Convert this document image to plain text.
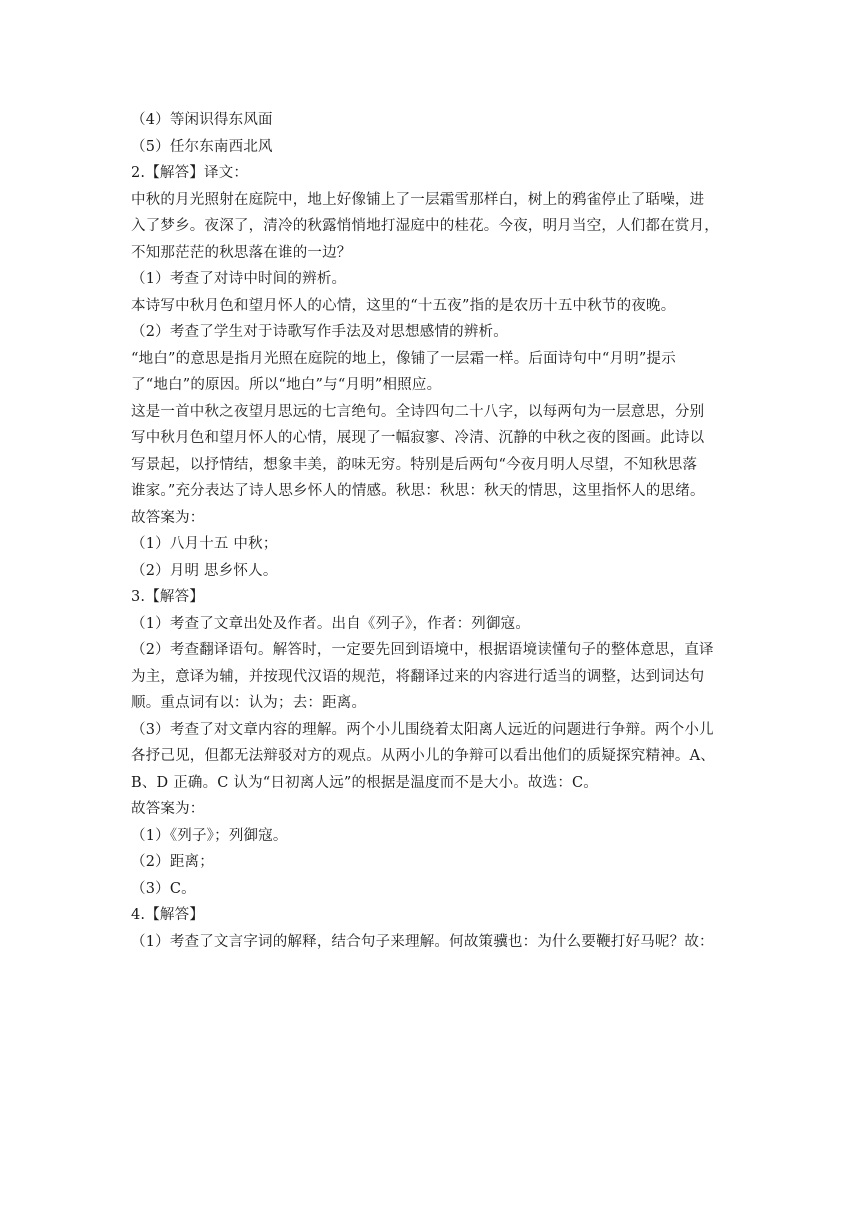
（4）等闲识得东风面
（5）任尔东南西北风
2.【解答】译文：
中秋的月光照射在庭院中，地上好像铺上了一层霜雪那样白，树上的鸦雀停止了聒噪，进
入了梦乡。夜深了，清冷的秋露悄悄地打湿庭中的桂花。今夜，明月当空，人们都在赏月，
不知那茫茫的秋思落在谁的一边？
（1）考查了对诗中时间的辨析。
本诗写中秋月色和望月怀人的心情，这里的“十五夜”指的是农历十五中秋节的夜晚。
（2）考查了学生对于诗歌写作手法及对思想感情的辨析。
“地白”的意思是指月光照在庭院的地上，像铺了一层霜一样。后面诗句中“月明”提示
了“地白”的原因。所以“地白”与“月明”相照应。
这是一首中秋之夜望月思远的七言绝句。全诗四句二十八字，以每两句为一层意思，分别
写中秋月色和望月怀人的心情，展现了一幅寂寥、冷清、沉静的中秋之夜的图画。此诗以
写景起，以抒情结，想象丰美，韵味无穷。特别是后两句“今夜月明人尽望，不知秋思落
谁家。”充分表达了诗人思乡怀人的情感。秋思：秋思：秋天的情思，这里指怀人的思绪。
故答案为：
（1）八月十五 中秋；
（2）月明 思乡怀人。
3.【解答】
（1）考查了文章出处及作者。出自《列子》，作者：列御寇。
（2）考查翻译语句。解答时，一定要先回到语境中，根据语境读懂句子的整体意思，直译
为主，意译为辅，并按现代汉语的规范，将翻译过来的内容进行适当的调整，达到词达句
顺。重点词有以：认为；去：距离。
（3）考查了对文章内容的理解。两个小儿围绕着太阳离人远近的问题进行争辩。两个小儿
各抒己见，但都无法辩驳对方的观点。从两小儿的争辩可以看出他们的质疑探究精神。A、
B、D 正确。C 认为“日初离人远”的根据是温度而不是大小。故选：C。
故答案为：
（1）《列子》；列御寇。
（2）距离；
（3）C。
4.【解答】
（1）考查了文言字词的解释，结合句子来理解。何故策骥也：为什么要鞭打好马呢？故：
